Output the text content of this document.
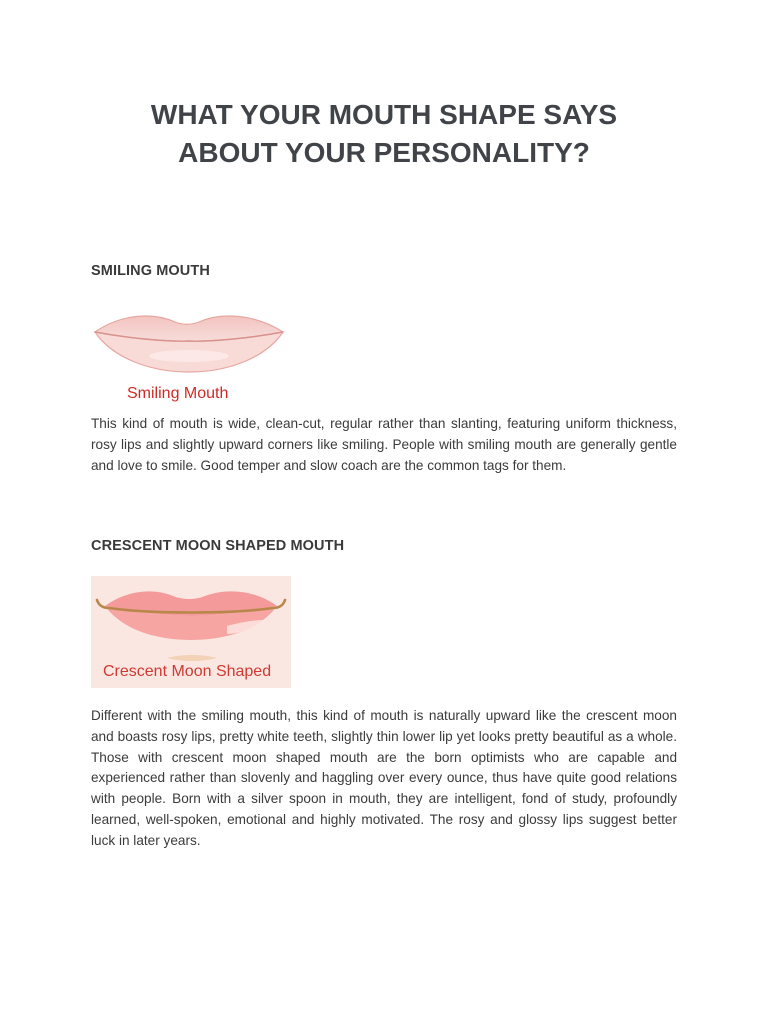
WHAT YOUR MOUTH SHAPE SAYS
ABOUT YOUR PERSONALITY?
SMILING MOUTH
Smiling Mouth

This kind of mouth is wide, clean-cut, regular rather than slanting, featuring uniform thickness, rosy lips and slightly upward corners like smiling. People with smiling mouth are generally gentle and love to smile. Good temper and slow coach are the common tags for them.

CRESCENT MOON SHAPED MOUTH
Crescent Moon Shaped

Different with the smiling mouth, this kind of mouth is naturally upward like the crescent moon and boasts rosy lips, pretty white teeth, slightly thin lower lip yet looks pretty beautiful as a whole. Those with crescent moon shaped mouth are the born optimists who are capable and experienced rather than slovenly and haggling over every ounce, thus have quite good relations with people. Born with a silver spoon in mouth, they are intelligent, fond of study, profoundly learned, well-spoken, emotional and highly motivated. The rosy and glossy lips suggest better luck in later years.
